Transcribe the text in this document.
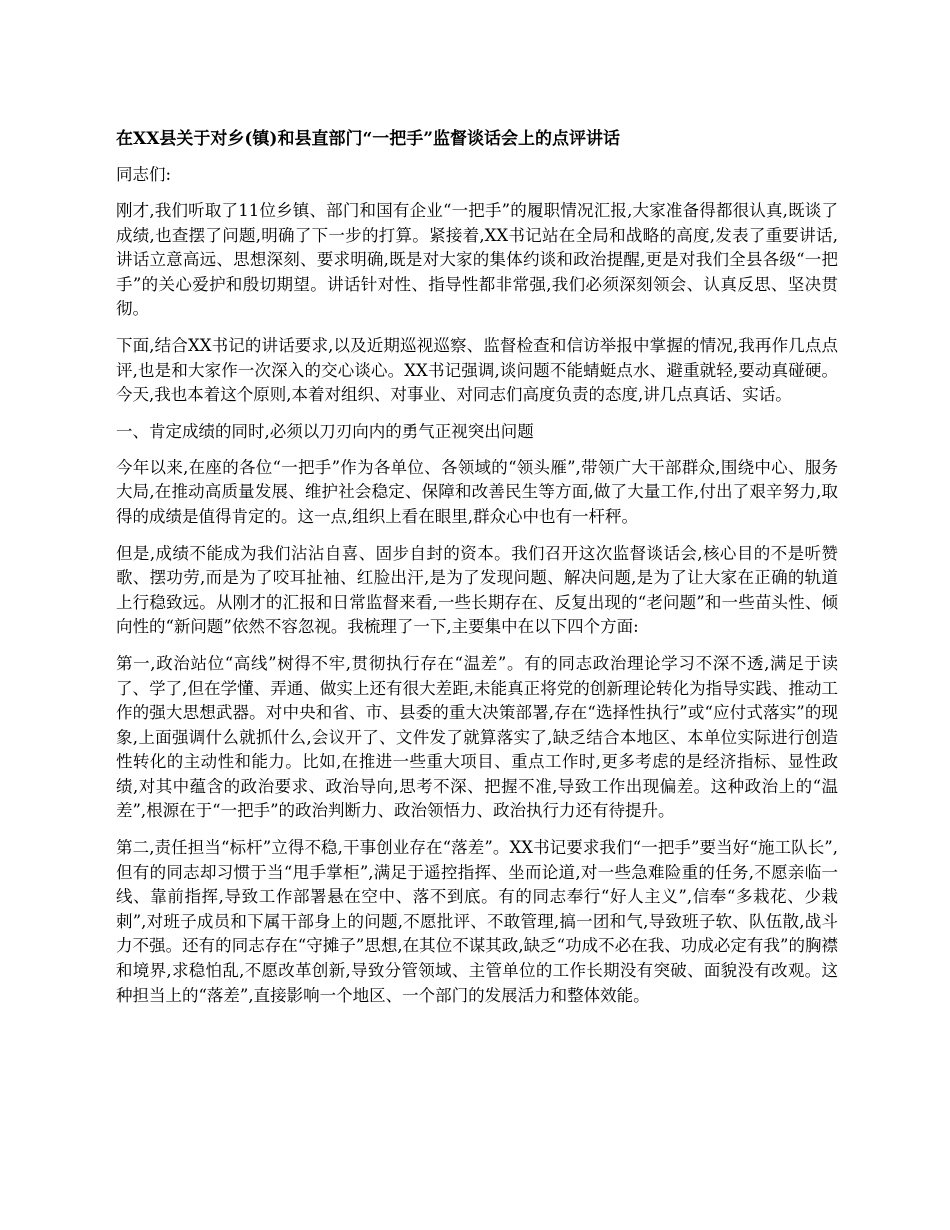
在XX县关于对乡(镇)和县直部门“一把手”监督谈话会上的点评讲话
同志们:

刚才,我们听取了11位乡镇、部门和国有企业“一把手”的履职情况汇报,大家准备得都很认真,既谈了成绩,也查摆了问题,明确了下一步的打算。紧接着,XX书记站在全局和战略的高度,发表了重要讲话,讲话立意高远、思想深刻、要求明确,既是对大家的集体约谈和政治提醒,更是对我们全县各级“一把手”的关心爱护和殷切期望。讲话针对性、指导性都非常强,我们必须深刻领会、认真反思、坚决贯彻。

下面,结合XX书记的讲话要求,以及近期巡视巡察、监督检查和信访举报中掌握的情况,我再作几点点评,也是和大家作一次深入的交心谈心。XX书记强调,谈问题不能蜻蜓点水、避重就轻,要动真碰硬。今天,我也本着这个原则,本着对组织、对事业、对同志们高度负责的态度,讲几点真话、实话。

一、肯定成绩的同时,必须以刀刃向内的勇气正视突出问题

今年以来,在座的各位“一把手”作为各单位、各领域的“领头雁”,带领广大干部群众,围绕中心、服务大局,在推动高质量发展、维护社会稳定、保障和改善民生等方面,做了大量工作,付出了艰辛努力,取得的成绩是值得肯定的。这一点,组织上看在眼里,群众心中也有一杆秤。

但是,成绩不能成为我们沾沾自喜、固步自封的资本。我们召开这次监督谈话会,核心目的不是听赞歌、摆功劳,而是为了咬耳扯袖、红脸出汗,是为了发现问题、解决问题,是为了让大家在正确的轨道上行稳致远。从刚才的汇报和日常监督来看,一些长期存在、反复出现的“老问题”和一些苗头性、倾向性的“新问题”依然不容忽视。我梳理了一下,主要集中在以下四个方面:

第一,政治站位“高线”树得不牢,贯彻执行存在“温差”。有的同志政治理论学习不深不透,满足于读了、学了,但在学懂、弄通、做实上还有很大差距,未能真正将党的创新理论转化为指导实践、推动工作的强大思想武器。对中央和省、市、县委的重大决策部署,存在“选择性执行”或“应付式落实”的现象,上面强调什么就抓什么,会议开了、文件发了就算落实了,缺乏结合本地区、本单位实际进行创造性转化的主动性和能力。比如,在推进一些重大项目、重点工作时,更多考虑的是经济指标、显性政绩,对其中蕴含的政治要求、政治导向,思考不深、把握不准,导致工作出现偏差。这种政治上的“温差”,根源在于“一把手”的政治判断力、政治领悟力、政治执行力还有待提升。

第二,责任担当“标杆”立得不稳,干事创业存在“落差”。XX书记要求我们“一把手”要当好“施工队长”,但有的同志却习惯于当“甩手掌柜”,满足于遥控指挥、坐而论道,对一些急难险重的任务,不愿亲临一线、靠前指挥,导致工作部署悬在空中、落不到底。有的同志奉行“好人主义”,信奉“多栽花、少栽刺”,对班子成员和下属干部身上的问题,不愿批评、不敢管理,搞一团和气,导致班子软、队伍散,战斗力不强。还有的同志存在“守摊子”思想,在其位不谋其政,缺乏“功成不必在我、功成必定有我”的胸襟和境界,求稳怕乱,不愿改革创新,导致分管领域、主管单位的工作长期没有突破、面貌没有改观。这种担当上的“落差”,直接影响一个地区、一个部门的发展活力和整体效能。
